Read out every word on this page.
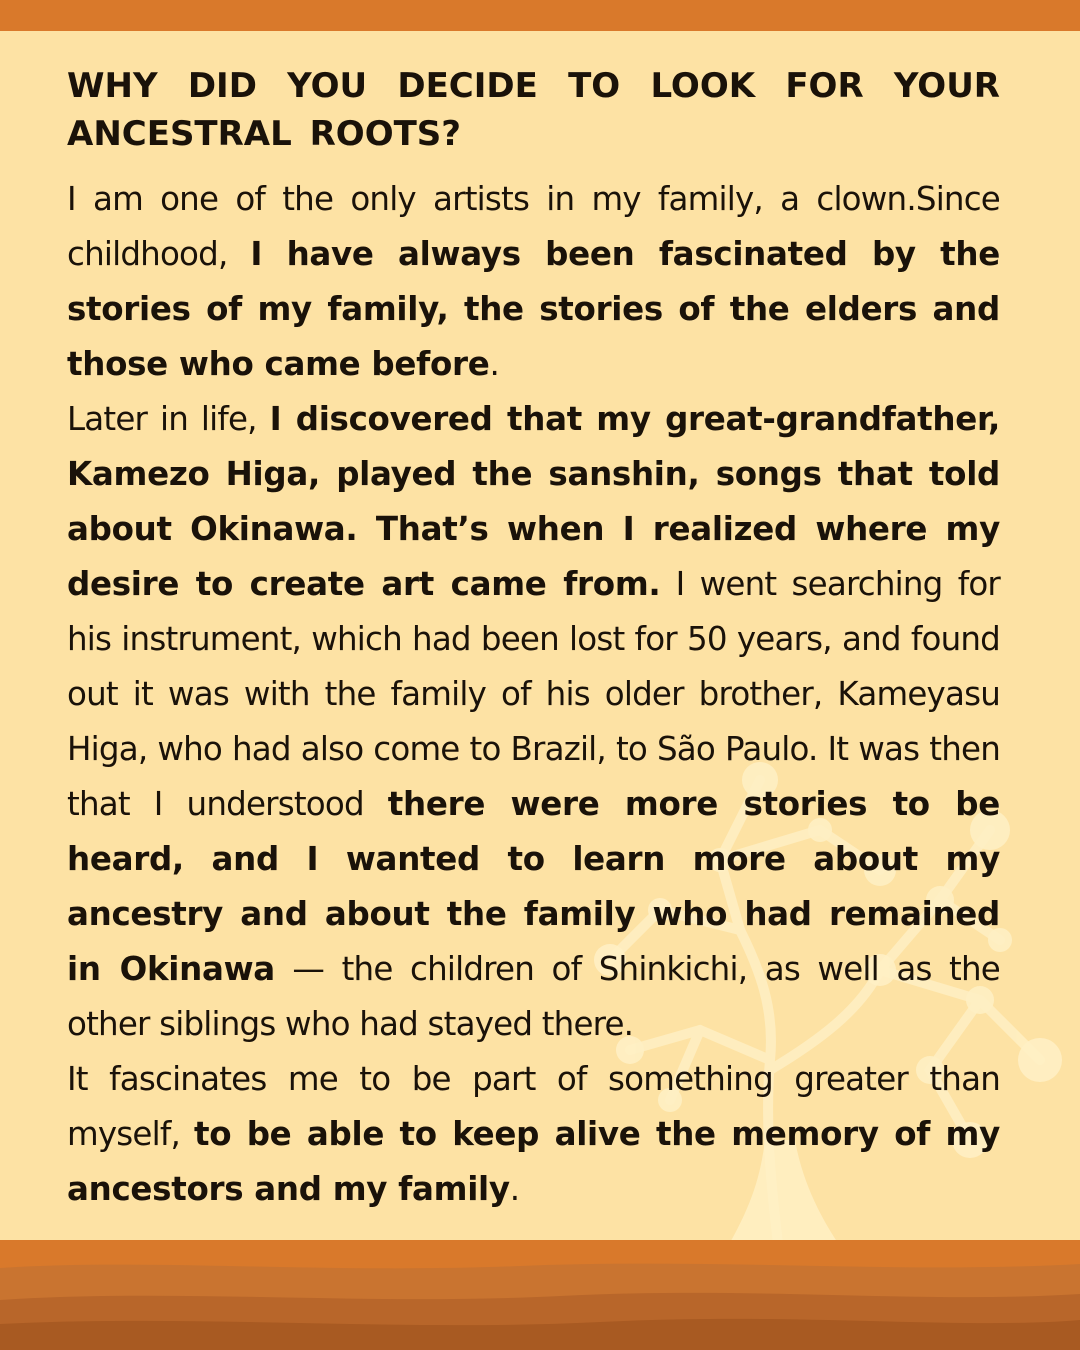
WHY DID YOU DECIDE TO LOOK FOR YOUR ANCESTRAL ROOTS?

I am one of the only artists in my family, a clown.Since childhood, I have always been fascinated by the stories of my family, the stories of the elders and those who came before.

Later in life, I discovered that my great-grandfather, Kamezo Higa, played the sanshin, songs that told about Okinawa. That’s when I realized where my desire to create art came from. I went searching for his instrument, which had been lost for 50 years, and found out it was with the family of his older brother, Kameyasu Higa, who had also come to Brazil, to São Paulo. It was then that I understood there were more stories to be heard, and I wanted to learn more about my ancestry and about the family who had remained in Okinawa — the children of Shinkichi, as well as the other siblings who had stayed there.

It fascinates me to be part of something greater than myself, to be able to keep alive the memory of my ancestors and my family.
